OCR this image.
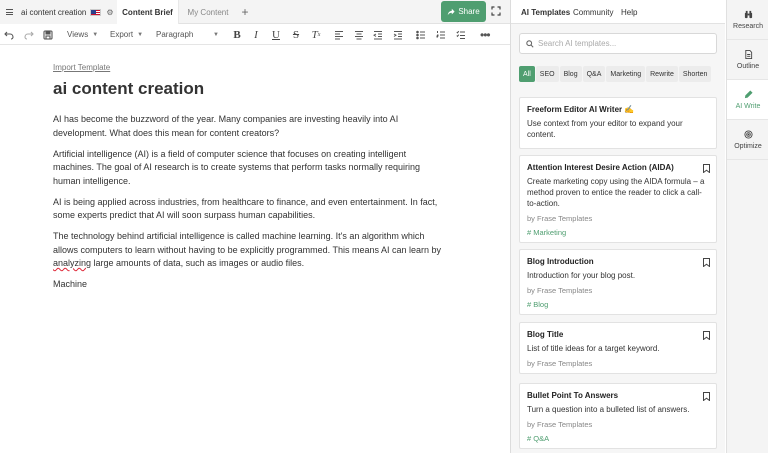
ai content creation	⚙	Content Brief	My Content	+	Share
Views ▼ Export ▼ Paragraph	▼ B	I	U S T x	•••
Import Template
ai content creation

AI has become the buzzword of the year. Many companies are investing heavily into AI development. What does this mean for content creators?

Artificial intelligence (AI) is a field of computer science that focuses on creating intelligent machines. The goal of AI research is to create systems that perform tasks normally requiring human intelligence.

AI is being applied across industries, from healthcare to finance, and even entertainment. In fact, some experts predict that AI will soon surpass human capabilities.

The technology behind artificial intelligence is called machine learning. It's an algorithm which allows computers to learn without having to be explicitly programmed. This means AI can learn by analyzing large amounts of data, such as images or audio files.

Machine

AI Templates Community Help
Search AI templates...
All	SEO	Blog	Q&A	Marketing	Rewrite	Shorten
Freeform Editor AI Writer ✍️
Use context from your editor to expand your content.
Attention Interest Desire Action (AIDA)
Create marketing copy using the AIDA formula – a method proven to entice the reader to click a call-to-action.
by Frase Templates
# Marketing
Blog Introduction
Introduction for your blog post.
by Frase Templates
# Blog
Blog Title
List of title ideas for a target keyword.
by Frase Templates
Bullet Point To Answers
Turn a question into a bulleted list of answers.
by Frase Templates
# Q&A
Research
Outline
AI Write
Optimize
